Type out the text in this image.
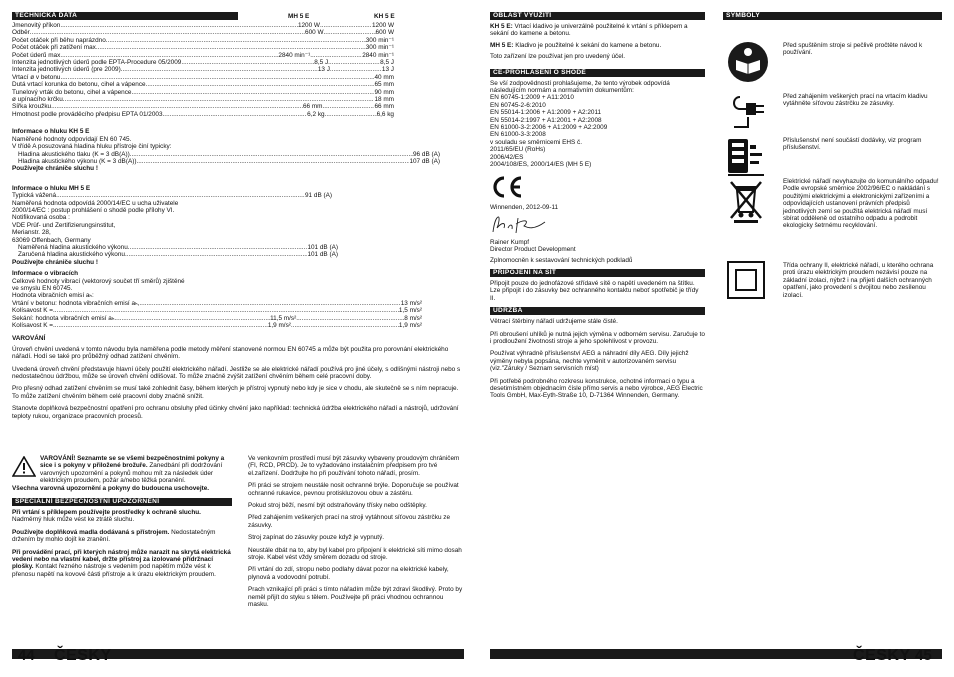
TECHNICKÁ DATA	MH 5 E	KH 5 E
Jmenovitý příkon .....	1200 W .....	1200 W
Odběr .....	600 W .....	600 W
Počet otáček při běhu naprázdno .....	300 min⁻¹
Počet otáček při zatížení max. .....	300 min⁻¹
Počet úderů max .....	2840 min⁻¹ .....	2840 min⁻¹
Intenzita jednotlivých úderů podle EPTA-Procedure 05/2009 .....	8,5 J .....	8,5 J
Intenzita jednotlivých úderů (pre 2009) .....	13 J .....	13 J
Vrtací ø v betonu .....	40 mm
Dutá vrtací korunka do betonu, cihel a vápence. .....	65 mm
Tunelový vrták do betonu, cihel a vápence. .....	90 mm
ø upínacího krčku .....	18 mm
Šířka kroužku .....	66 mm .....	66 mm
Hmotnost podle prováděcího předpisu EPTA 01/2003 .....	6,2 kg .....	6,6 kg

Informace o hluku KH 5 E

Naměřené hodnoty odpovídají EN 60 745.

V třídě A posuzovaná hladina hluku přístroje činí typicky:

Hladina akustického tlaku (K = 3 dB(A)) .....	96 dB (A)
Hladina akustického výkonu (K = 3 dB(A)) .....	107 dB (A)

Používejte chrániče sluchu !

Informace o hluku MH 5 E

Typická vážená .....	91 dB (A)

Naměřená hodnota odpovídá 2000/14/EC u ucha uživatele

2000/14/EC : postup prohlášení o shodě podle přílohy VI.

Notifikovaná osoba :

VDE Prüf- und Zertifizierungsinstitut,

Merianstr. 28,

63069 Offenbach, Germany

Naměřená hladina akustického výkonu .....	101 dB (A)
Zaručená hladina akustického výkonu .....	101 dB (A)

Používejte chrániče sluchu !

Informace o vibracích

Celkové hodnoty vibrací (vektorový součet tří směrů) zjištěné

ve smyslu EN 60745.

Hodnota vibračních emisí aₕ:

Vrtání v betonu: hodnota vibračních emisí aₕ, .....	13 m/s²
Kolísavost K = .....	1,5 m/s²
Sekání: hodnota vibračních emisí aₕ .....	11,5 m/s² .....	8 m/s²
Kolísavost K = .....	1,9 m/s² .....	1,9 m/s²

VAROVÁNÍ

Úroveň chvění uvedená v tomto návodu byla naměřena podle metody měření stanovené normou EN 60745 a může být použita pro porovnání elektrického nářadí. Hodí se také pro průběžný odhad zatížení chvěním.

Uvedená úroveň chvění představuje hlavní účely použití elektrického nářadí. Jestliže se ale elektrické nářadí používá pro jiné účely, s odlišnými nástroji nebo s nedostatečnou údržbou, může se úroveň chvění odlišovat. To může značně zvýšit zatížení chvěním během celé pracovní doby.

Pro přesný odhad zatížení chvěním se musí také zohlednit časy, během kterých je přístroj vypnutý nebo kdy je sice v chodu, ale skutečně se s ním nepracuje. To může zatížení chvěním během celé pracovní doby značně snížit.

Stanovte doplňková bezpečnostní opatření pro ochranu obsluhy před účinky chvění jako například: technická údržba elektrického nářadí a nástrojů, udržování teploty rukou, organizace pracovních procesů.

VAROVÁNÍ! Seznamte se se všemi bezpečnostními pokyny a sice i s pokyny v přiložené brožuře. Zanedbání při dodržování varovných upozornění a pokynů mohou mít za následek úder elektrickým proudem, požár a/nebo těžká poranění.

Všechna varovná upozornění a pokyny do budoucna uschovejte.

SPECIÁLNÍ BEZPEČNOSTNÍ UPOZORNĚNÍ

Při vrtání s příklepem používejte prostředky k ochraně sluchu. Nadměrný hluk může vést ke ztrátě sluchu.

Používejte doplňková madla dodávaná s přístrojem. Nedostatečným držením by mohlo dojít ke zranění.

Při provádění prací, při kterých nástroj může narazit na skrytá elektrická vedení nebo na vlastní kabel, držte přístroj za izolované přídržnací plošky. Kontakt řezného nástroje s vedením pod napětím může vést k přenosu napětí na kovové části přístroje a k úrazu elektrickým proudem.

Ve venkovním prostředí musí být zásuvky vybaveny proudovým chráničem (FI, RCD, PRCD). Je to vyžadováno instalačním předpisem pro tvé el.zařízení. Dodržujte ho při používání tohoto nářadí, prosím.

Při práci se strojem neustále nosit ochranné brýle. Doporučuje se používat ochranné rukavice, pevnou protiskluzovou obuv a zástěru.

Pokud stroj běží, nesmí být odstraňovány třísky nebo odštěpky.

Před zahájením veškerých prací na stroji vytáhnout síťovou zástrčku ze zásuvky.

Stroj zapínat do zásuvky pouze když je vypnutý.

Neustále dbát na to, aby byl kabel pro připojení k elektrické síti mimo dosah stroje. Kabel vést vždy směrem dozadu od stroje.

Při vrtání do zdí, stropu nebo podlahy dávat pozor na elektrické kabely, plynová a vodovodní potrubí.

Prach vznikající při práci s tímto nářadím může být zdraví škodlivý. Proto by neměl přijít do styku s tělem. Používejte při práci vhodnou ochrannou masku.

44 ČESKY
OBLAST VYUŽITÍ

KH 5 E: Vrtací kladivo je univerzálně použitelné k vrtání s příklepem a sekání do kamene a betonu.

MH 5 E: Kladivo je použitelné k sekání do kamene a betonu.

Toto zařízení lze používat jen pro uvedený účel.

CE-PROHLÁŠENÍ O SHODĚ

Se vší zodpovědností prohlašujeme, že tento výrobek odpovídá následujícím normám a normativním dokumentům:

EN 60745-1:2009 + A11:2010

EN 60745-2-6:2010

EN 55014-1:2006 + A1:2009 + A2:2011

EN 55014-2:1997 + A1:2001 + A2:2008

EN 61000-3-2:2006 + A1:2009 + A2:2009

EN 61000-3-3:2008

v souladu se směrnicemi EHS č.

2011/65/EU (RoHs)

2006/42/ES

2004/108/ES, 2000/14/ES (MH 5 E)

Winnenden, 2012-09-11

Rainer Kumpf

Director Product Development

Zplnomocněn k sestavování technických podkladů

PŘIPOJENÍ NA SÍŤ

Připojit pouze do jednofázové střídavé sítě o napětí uvedeném na štítku. Lze připojit i do zásuvky bez ochranného kontaktu neboť spotřebič je třídy II.

ÚDRŽBA

Větrací štěrbiny nářadí udržujeme stále čisté.

Při obroušení uhlíků je nutná jejich výměna v odborném servisu. Zaručuje to i prodloužení životnosti stroje a jeho spolehlivost v provozu.

Používat výhradně příslušenství AEG a náhradní díly AEG. Díly jejichž výměny nebyla popsána, nechte vyměnit v autorizovaném servisu (viz."Záruky / Seznam servisních míst)

Při potřebě podrobného rozkresu konstrukce, ochotné informaci o typu a desetimístném objednacím čísle přímo servis a nebo výrobce, AEG Electric Tools GmbH, Max-Eyth-Straße 10, D-71364 Winnenden, Germany.

SYMBOLY

Před spuštěním stroje si pečlivě pročtěte návod k používání.

Před zahájením veškerých prací na vrtacím kladivu vytáhněte síťovou zástrčku ze zásuvky.

Příslušenství není součástí dodávky, viz program příslušenství.

Elektrické nářadí nevyhazujte do komunálního odpadu! Podle evropské směrnice 2002/96/EC o nakládání s použitými elektrickými a elektronickými zařízeními a odpovídajících ustanovení právních předpisů jednotlivých zemí se použitá elektrická nářadí musí sbírat odděleně od ostatního odpadu a podrobit ekologicky šetrnému recyklování.

Třída ochrany II, elektrické nářadí, u kterého ochrana proti úrazu elektrickým proudem nezávisí pouze na základní izolaci, nýbrž i na přijetí dalších ochranných opatření, jako provedení s dvojitou nebo zesílenou izolací.

ČESKY 45
